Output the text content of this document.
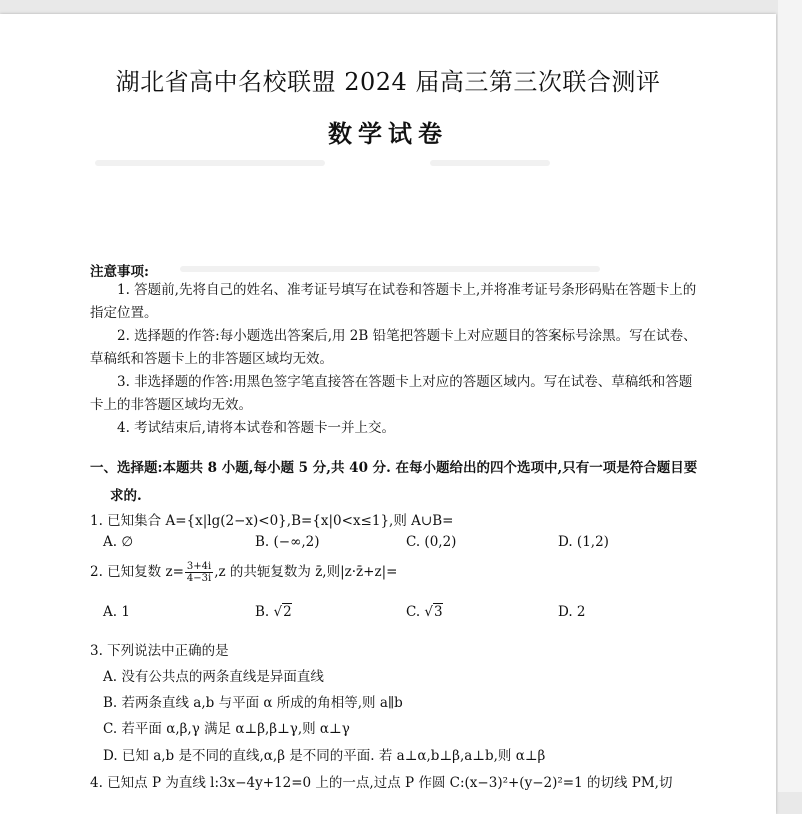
湖北省高中名校联盟 2024 届高三第三次联合测评
数学试卷
注意事项:
1. 答题前,先将自己的姓名、准考证号填写在试卷和答题卡上,并将准考证号条形码贴在答题卡上的
指定位置。
2. 选择题的作答:每小题选出答案后,用 2B 铅笔把答题卡上对应题目的答案标号涂黑。写在试卷、
草稿纸和答题卡上的非答题区域均无效。
3. 非选择题的作答:用黑色签字笔直接答在答题卡上对应的答题区域内。写在试卷、草稿纸和答题
卡上的非答题区域均无效。
4. 考试结束后,请将本试卷和答题卡一并上交。
一、选择题:本题共 8 小题,每小题 5 分,共 40 分. 在每小题给出的四个选项中,只有一项是符合题目要
求的.
1. 已知集合 A={x|lg(2−x)<0},B={x|0<x≤1},则 A∪B=
A. ∅	B. (−∞,2)	C. (0,2)	D. (1,2)
2. 已知复数 $z= \frac{3+4i}{4-3i} ,z$ 的共轭复数为 z̄,则|z·z̄+z|=
A. 1	B. √2	C. √3	D. 2
3. 下列说法中正确的是
A. 没有公共点的两条直线是异面直线
B. 若两条直线 a,b 与平面 α 所成的角相等,则 a∥b
C. 若平面 α,β,γ 满足 α⊥β,β⊥γ,则 α⊥γ
D. 已知 a,b 是不同的直线,α,β 是不同的平面. 若 a⊥α,b⊥β,a⊥b,则 α⊥β
4. 已知点 P 为直线 l:3x−4y+12=0 上的一点,过点 P 作圆 C:(x−3)²+(y−2)²=1 的切线 PM,切
